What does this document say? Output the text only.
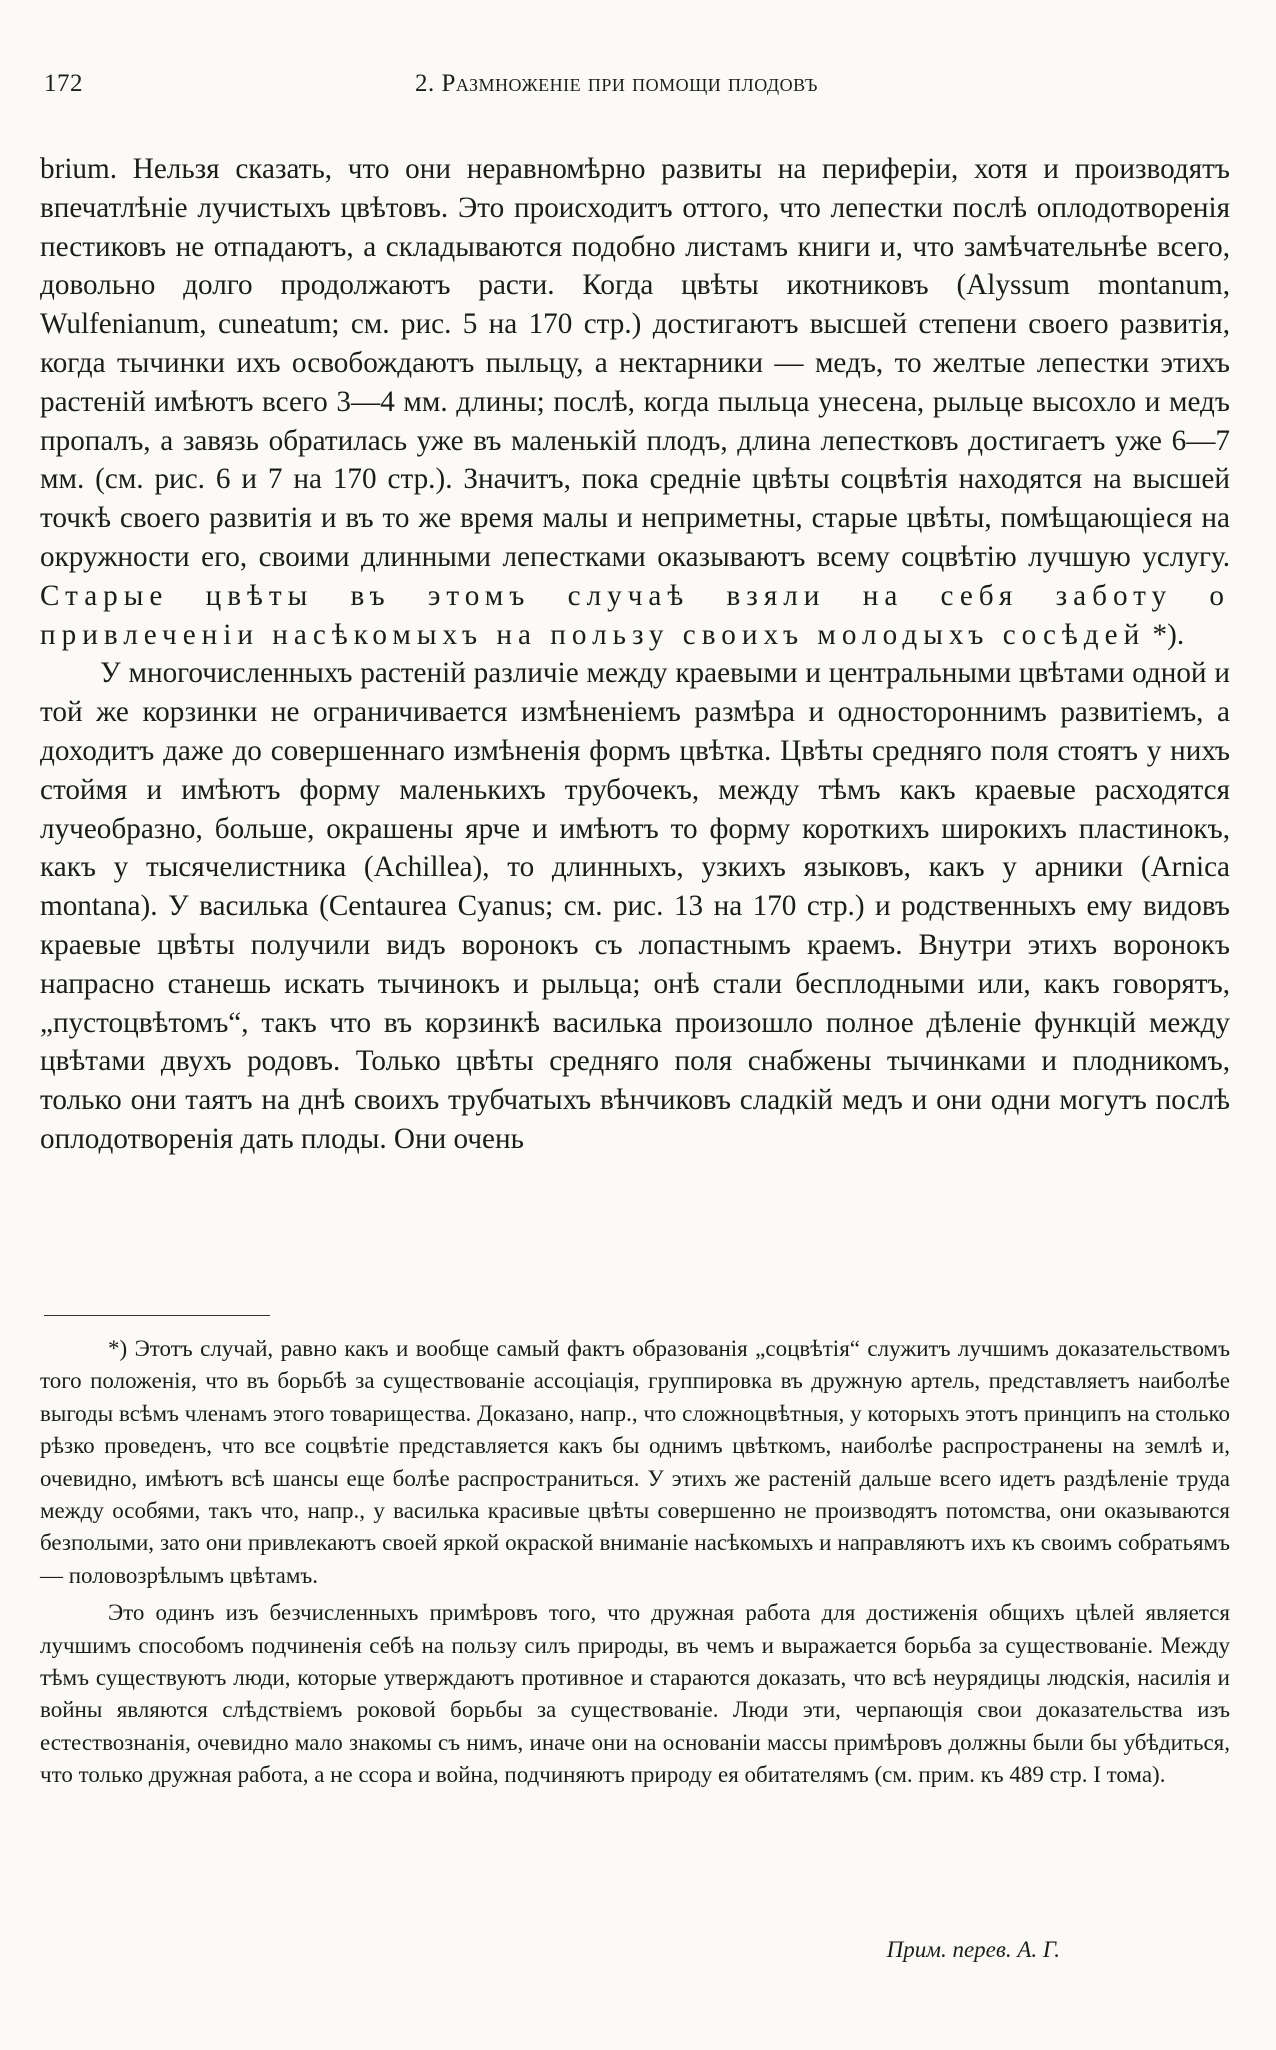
172	2. Размноженіе при помощи плодовъ

brium. Нельзя сказать, что они неравномѣрно развиты на периферіи, хотя и производятъ впечатлѣніе лучистыхъ цвѣтовъ. Это происходитъ оттого, что лепестки послѣ оплодотворенія пестиковъ не отпадаютъ, а складываются подобно листамъ книги и, что замѣчательнѣе всего, довольно долго продолжаютъ расти. Когда цвѣты икотниковъ (Alyssum montanum, Wulfenianum, cuneatum; см. рис. 5 на 170 стр.) достигаютъ высшей степени своего развитія, когда тычинки ихъ освобождаютъ пыльцу, а нектарники — медъ, то желтые лепестки этихъ растеній имѣютъ всего 3—4 мм. длины; послѣ, когда пыльца унесена, рыльце высохло и медъ пропалъ, а завязь обратилась уже въ маленькій плодъ, длина лепестковъ достигаетъ уже 6—7 мм. (см. рис. 6 и 7 на 170 стр.). Значитъ, пока средніе цвѣты соцвѣтія находятся на высшей точкѣ своего развитія и въ то же время малы и неприметны, старые цвѣты, помѣщающіеся на окружности его, своими длинными лепестками оказываютъ всему соцвѣтію лучшую услугу. Старые цвѣты въ этомъ случаѣ взяли на себя заботу о привлеченіи насѣкомыхъ на пользу своихъ молодыхъ сосѣдей *).

У многочисленныхъ растеній различіе между краевыми и центральными цвѣтами одной и той же корзинки не ограничивается измѣненіемъ размѣра и одностороннимъ развитіемъ, а доходитъ даже до совершеннаго измѣненія формъ цвѣтка. Цвѣты средняго поля стоятъ у нихъ стоймя и имѣютъ форму маленькихъ трубочекъ, между тѣмъ какъ краевые расходятся лучеобразно, больше, окрашены ярче и имѣютъ то форму короткихъ широкихъ пластинокъ, какъ у тысячелистника (Achillea), то длинныхъ, узкихъ языковъ, какъ у арники (Arnica montana). У василька (Centaurea Cyanus; см. рис. 13 на 170 стр.) и родственныхъ ему видовъ краевые цвѣты получили видъ воронокъ съ лопастнымъ краемъ. Внутри этихъ воронокъ напрасно станешь искать тычинокъ и рыльца; онѣ стали бесплодными или, какъ говорятъ, „пустоцвѣтомъ“, такъ что въ корзинкѣ василька произошло полное дѣленіе функцій между цвѣтами двухъ родовъ. Только цвѣты средняго поля снабжены тычинками и плодникомъ, только они таятъ на днѣ своихъ трубчатыхъ вѣнчиковъ сладкій медъ и они одни могутъ послѣ оплодотворенія дать плоды. Они очень

*) Этотъ случай, равно какъ и вообще самый фактъ образованія „соцвѣтія“ служитъ лучшимъ доказательствомъ того положенія, что въ борьбѣ за существованіе ассоціація, группировка въ дружную артель, представляетъ наиболѣе выгоды всѣмъ членамъ этого товарищества. Доказано, напр., что сложноцвѣтныя, у которыхъ этотъ принципъ на столько рѣзко проведенъ, что все соцвѣтіе представляется какъ бы однимъ цвѣткомъ, наиболѣе распространены на землѣ и, очевидно, имѣютъ всѣ шансы еще болѣе распространиться. У этихъ же растеній дальше всего идетъ раздѣленіе труда между особями, такъ что, напр., у василька красивые цвѣты совершенно не производятъ потомства, они оказываются безполыми, зато они привлекаютъ своей яркой окраской вниманіе насѣкомыхъ и направляютъ ихъ къ своимъ собратьямъ — половозрѣлымъ цвѣтамъ.

Это одинъ изъ безчисленныхъ примѣровъ того, что дружная работа для достиженія общихъ цѣлей является лучшимъ способомъ подчиненія себѣ на пользу силъ природы, въ чемъ и выражается борьба за существованіе. Между тѣмъ существуютъ люди, которые утверждаютъ противное и стараются доказать, что всѣ неурядицы людскія, насилія и войны являются слѣдствіемъ роковой борьбы за существованіе. Люди эти, черпающія свои доказательства изъ естествознанія, очевидно мало знакомы съ нимъ, иначе они на основаніи массы примѣровъ должны были бы убѣдиться, что только дружная работа, а не ссора и война, подчиняютъ природу ея обитателямъ (см. прим. къ 489 стр. I тома).

Прим. перев. А. Г.
